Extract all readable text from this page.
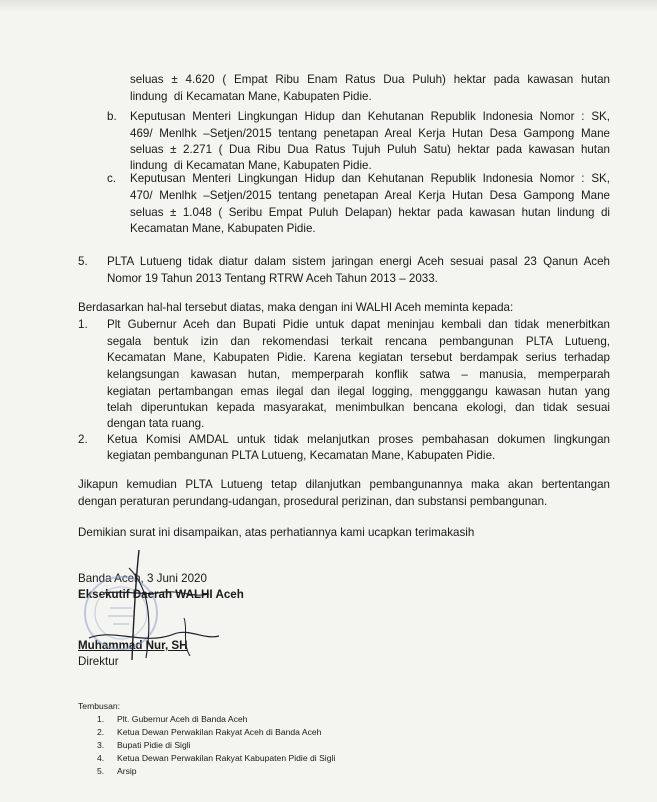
seluas ± 4.620 ( Empat Ribu Enam Ratus Dua Puluh) hektar pada kawasan hutan
lindung  di Kecamatan Mane, Kabupaten Pidie.
b. Keputusan Menteri Lingkungan Hidup dan Kehutanan Republik Indonesia Nomor : SK,
469/ Menlhk –Setjen/2015 tentang penetapan Areal Kerja Hutan Desa Gampong Mane
seluas ± 2.271 ( Dua Ribu Dua Ratus Tujuh Puluh Satu) hektar pada kawasan hutan
lindung  di Kecamatan Mane, Kabupaten Pidie.
c. Keputusan Menteri Lingkungan Hidup dan Kehutanan Republik Indonesia Nomor : SK,
470/ Menlhk –Setjen/2015 tentang penetapan Areal Kerja Hutan Desa Gampong Mane
seluas ± 1.048 ( Seribu Empat Puluh Delapan) hektar pada kawasan hutan lindung di
Kecamatan Mane, Kabupaten Pidie.
5. PLTA Lutueng tidak diatur dalam sistem jaringan energi Aceh sesuai pasal 23 Qanun Aceh
Nomor 19 Tahun 2013 Tentang RTRW Aceh Tahun 2013 – 2033.
Berdasarkan hal-hal tersebut diatas, maka dengan ini WALHI Aceh meminta kepada:
1. Plt Gubernur Aceh dan Bupati Pidie untuk dapat meninjau kembali dan tidak menerbitkan
segala bentuk izin dan rekomendasi terkait rencana pembangunan PLTA Lutueng,
Kecamatan Mane, Kabupaten Pidie. Karena kegiatan tersebut berdampak serius terhadap
kelangsungan kawasan hutan, memperparah konflik satwa – manusia, memperparah
kegiatan pertambangan emas ilegal dan ilegal logging, mengggangu kawasan hutan yang
telah diperuntukan kepada masyarakat, menimbulkan bencana ekologi, dan tidak sesuai
dengan tata ruang.
2. Ketua Komisi AMDAL untuk tidak melanjutkan proses pembahasan dokumen lingkungan
kegiatan pembangunan PLTA Lutueng, Kecamatan Mane, Kabupaten Pidie.
Jikapun kemudian PLTA Lutueng tetap dilanjutkan pembangunannya maka akan bertentangan
dengan peraturan perundang-udangan, prosedural perizinan, dan substansi pembangunan.
Demikian surat ini disampaikan, atas perhatiannya kami ucapkan terimakasih
Banda Aceh, 3 Juni 2020
Eksekutif Daerah WALHI Aceh
Muhammad Nur, SH
Direktur
Tembusan:
1. Plt. Gubernur Aceh di Banda Aceh
2. Ketua Dewan Perwakilan Rakyat Aceh di Banda Aceh
3. Bupati Pidie di Sigli
4. Ketua Dewan Perwakilan Rakyat Kabupaten Pidie di Sigli
5. Arsip
